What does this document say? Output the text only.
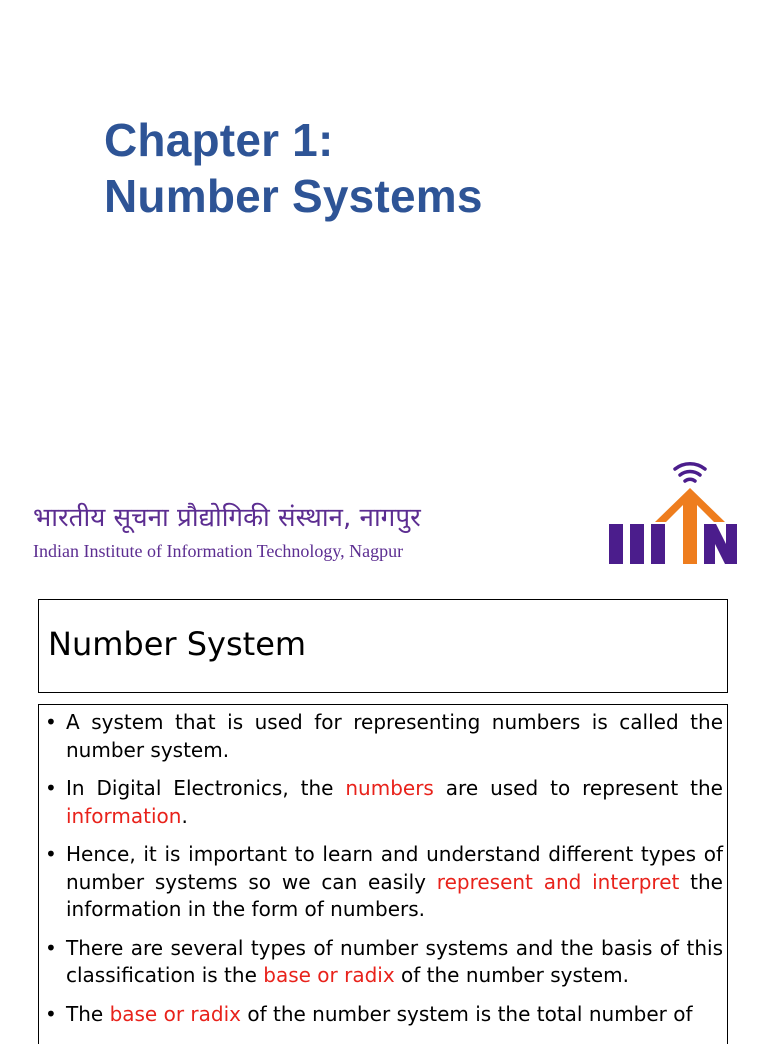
Chapter 1:
Number Systems
भारतीय सूचना प्रौद्योगिकी संस्थान, नागपुर
Indian Institute of Information Technology, Nagpur
Number System
• A system that is used for representing numbers is called the number system.
• In Digital Electronics, the numbers are used to represent the information.
• Hence, it is important to learn and understand different types of number systems so we can easily represent and interpret the information in the form of numbers.
• There are several types of number systems and the basis of this classification is the base or radix of the number system.
• The base or radix of the number system is the total number of
